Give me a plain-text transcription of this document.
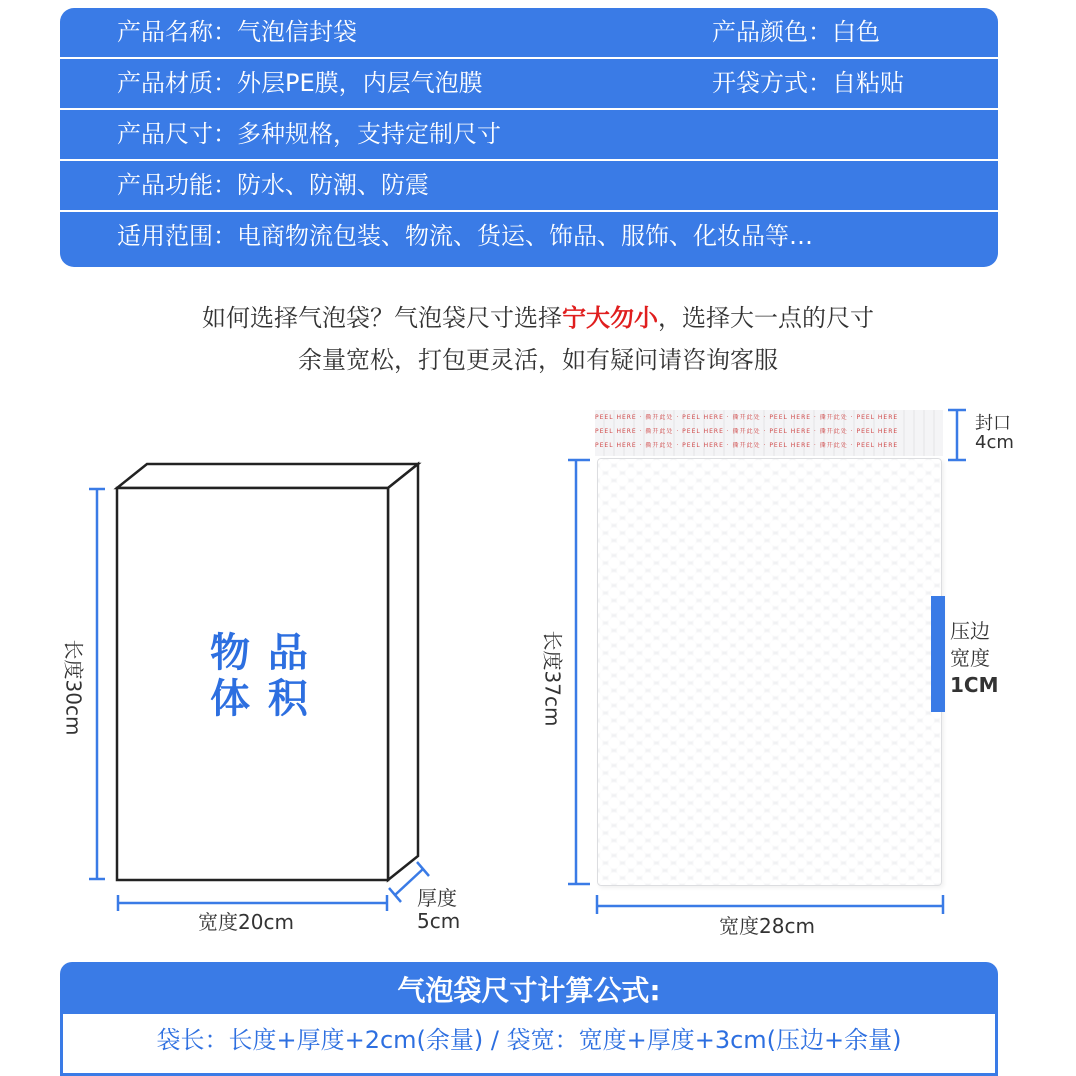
产品名称：气泡信封袋	产品颜色：白色
产品材质：外层PE膜，内层气泡膜	开袋方式：自粘贴
产品尺寸：多种规格，支持定制尺寸
产品功能：防水、防潮、防震
适用范围：电商物流包装、物流、货运、饰品、服饰、化妆品等…
如何选择气泡袋？气泡袋尺寸选择宁大勿小，选择大一点的尺寸
余量宽松，打包更灵活，如有疑问请咨询客服
物 品
体 积
长度30cm
宽度20cm
厚度
5cm
PEEL HERE · 撕开此处 · PEEL HERE · 撕开此处 · PEEL HERE · 撕开此处 · PEEL HERE
PEEL HERE · 撕开此处 · PEEL HERE · 撕开此处 · PEEL HERE · 撕开此处 · PEEL HERE
PEEL HERE · 撕开此处 · PEEL HERE · 撕开此处 · PEEL HERE · 撕开此处 · PEEL HERE
长度37cm
宽度28cm
封口
4cm
压边
宽度
1CM
气泡袋尺寸计算公式:
袋长：长度+厚度+2cm(余量) / 袋宽：宽度+厚度+3cm(压边+余量)
